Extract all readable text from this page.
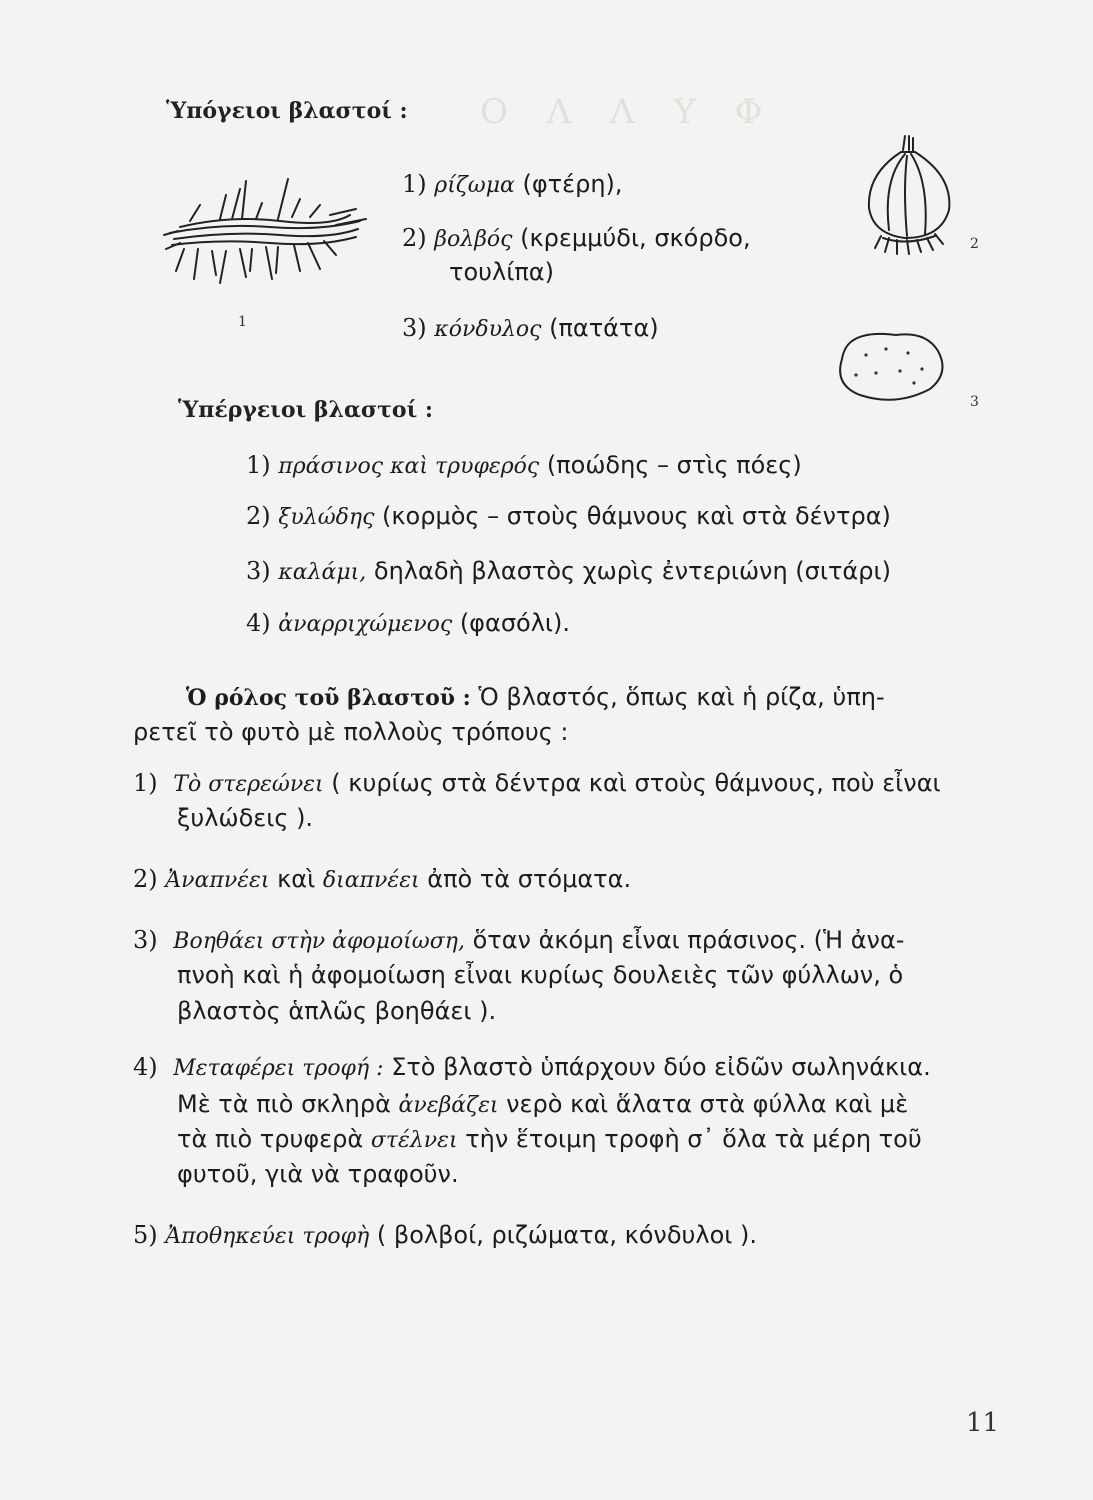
Ο Λ Λ Υ Φ
Ὑπόγειοι βλαστοί :
1
1) ρίζωμα (φτέρη),
2) βολβός (κρεμμύδι, σκόρδο,
τουλίπα)
3) κόνδυλος (πατάτα)
2
3
Ὑπέργειοι βλαστοί :
1) πράσινος καὶ τρυφερός (ποώδης – στὶς πόες)
2) ξυλώδης (κορμὸς – στοὺς θάμνους καὶ στὰ δέντρα)
3) καλάμι, δηλαδὴ βλαστὸς χωρὶς ἐντεριώνη (σιτάρι)
4) ἀναρριχώμενος (φασόλι).
Ὁ ρόλος τοῦ βλαστοῦ : Ὁ βλαστός, ὅπως καὶ ἡ ρίζα, ὑπη-
ρετεῖ τὸ φυτὸ μὲ πολλοὺς τρόπους :
1) Τὸ στερεώνει ( κυρίως στὰ δέντρα καὶ στοὺς θάμνους, ποὺ εἶναι
ξυλώδεις ).
2) Ἀναπνέει καὶ διαπνέει ἀπὸ τὰ στόματα.
3) Βοηθάει στὴν ἀφομοίωση, ὅταν ἀκόμη εἶναι πράσινος. (Ἡ ἀνα-
πνοὴ καὶ ἡ ἀφομοίωση εἶναι κυρίως δουλειὲς τῶν φύλλων, ὁ
βλαστὸς ἁπλῶς βοηθάει ).
4) Μεταφέρει τροφή : Στὸ βλαστὸ ὑπάρχουν δύο εἰδῶν σωληνάκια.
Μὲ τὰ πιὸ σκληρὰ ἀνεβάζει νερὸ καὶ ἅλατα στὰ φύλλα καὶ μὲ
τὰ πιὸ τρυφερὰ στέλνει τὴν ἕτοιμη τροφὴ σ᾽ ὅλα τὰ μέρη τοῦ
φυτοῦ, γιὰ νὰ τραφοῦν.
5) Ἀποθηκεύει τροφὴ ( βολβοί, ριζώματα, κόνδυλοι ).
11
